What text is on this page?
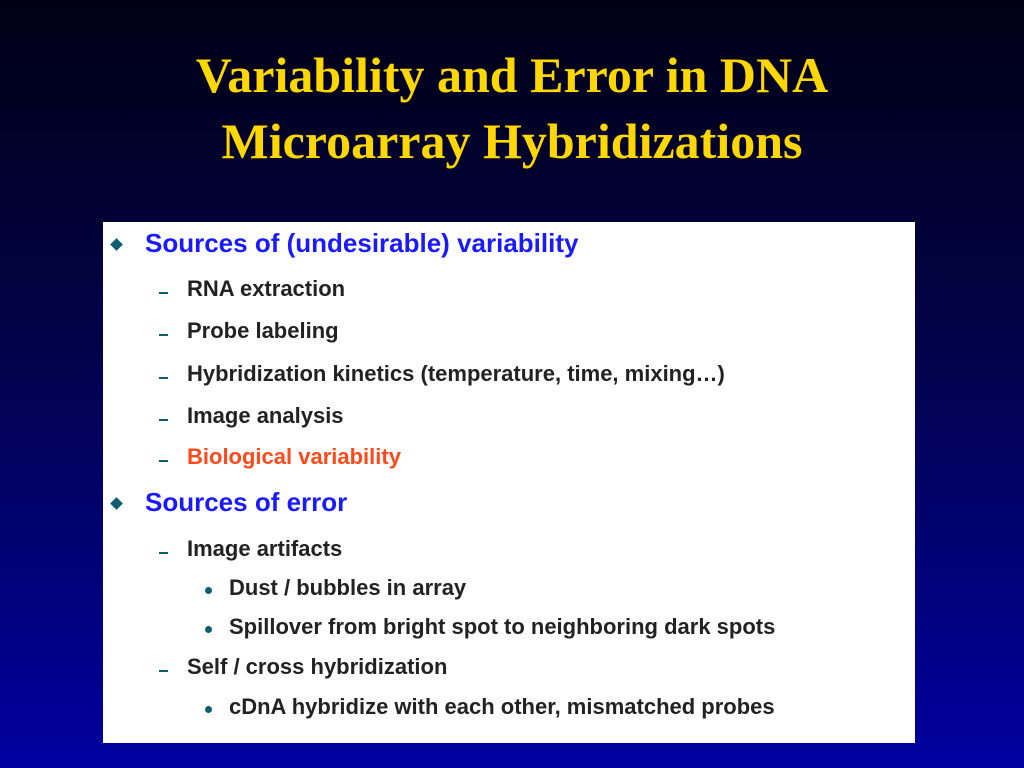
Variability and Error in DNA
Microarray Hybridizations
Sources of (undesirable) variability
RNA extraction
Probe labeling
Hybridization kinetics (temperature, time, mixing…)
Image analysis
Biological variability
Sources of error
Image artifacts
Dust / bubbles in array
Spillover from bright spot to neighboring dark spots
Self / cross hybridization
cDnA hybridize with each other, mismatched probes
